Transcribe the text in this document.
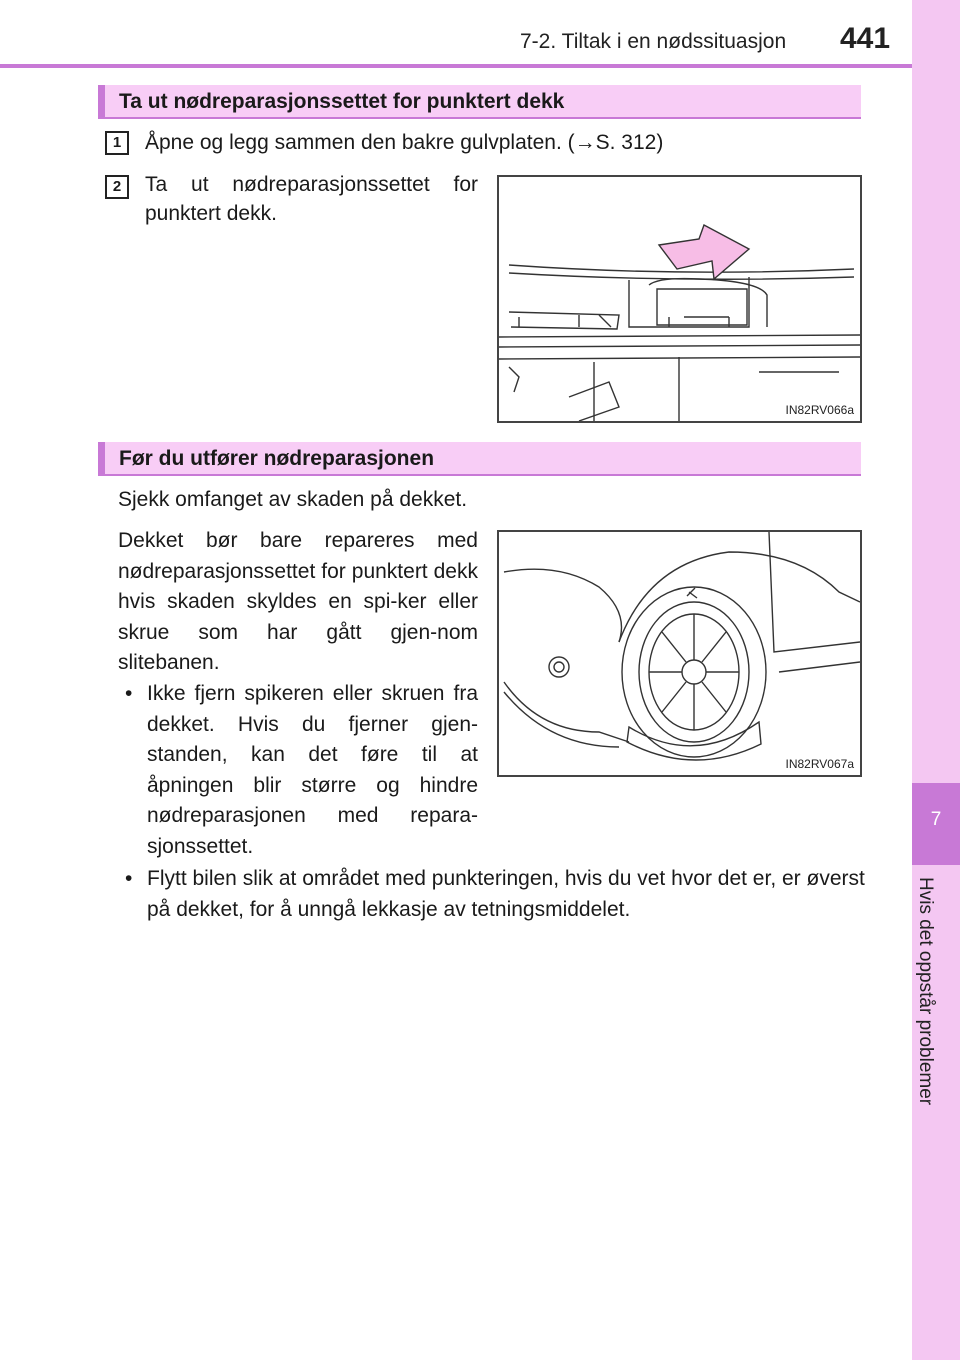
7-2. Tiltak i en nødssituasjon 441
7
Hvis det oppstår problemer
Ta ut nødreparasjonssettet for punktert dekk
1	Åpne og legg sammen den bakre gulvplaten. (→S. 312)
2	Ta ut nødreparasjonssettet for punktert dekk.
IN82RV066a
Før du utfører nødreparasjonen
Sjekk omfanget av skaden på dekket.
Dekket bør bare repareres med nødreparasjonssettet for punktert dekk hvis skaden skyldes en spi-ker eller skrue som har gått gjen-nom slitebanen.
• Ikke fjern spikeren eller skruen fra dekket. Hvis du fjerner gjen-standen, kan det føre til at åpningen blir større og hindre nødreparasjonen med repara-sjonssettet.
• Flytt bilen slik at området med punkteringen, hvis du vet hvor det er, er øverst på dekket, for å unngå lekkasje av tetningsmiddelet.
IN82RV067a
